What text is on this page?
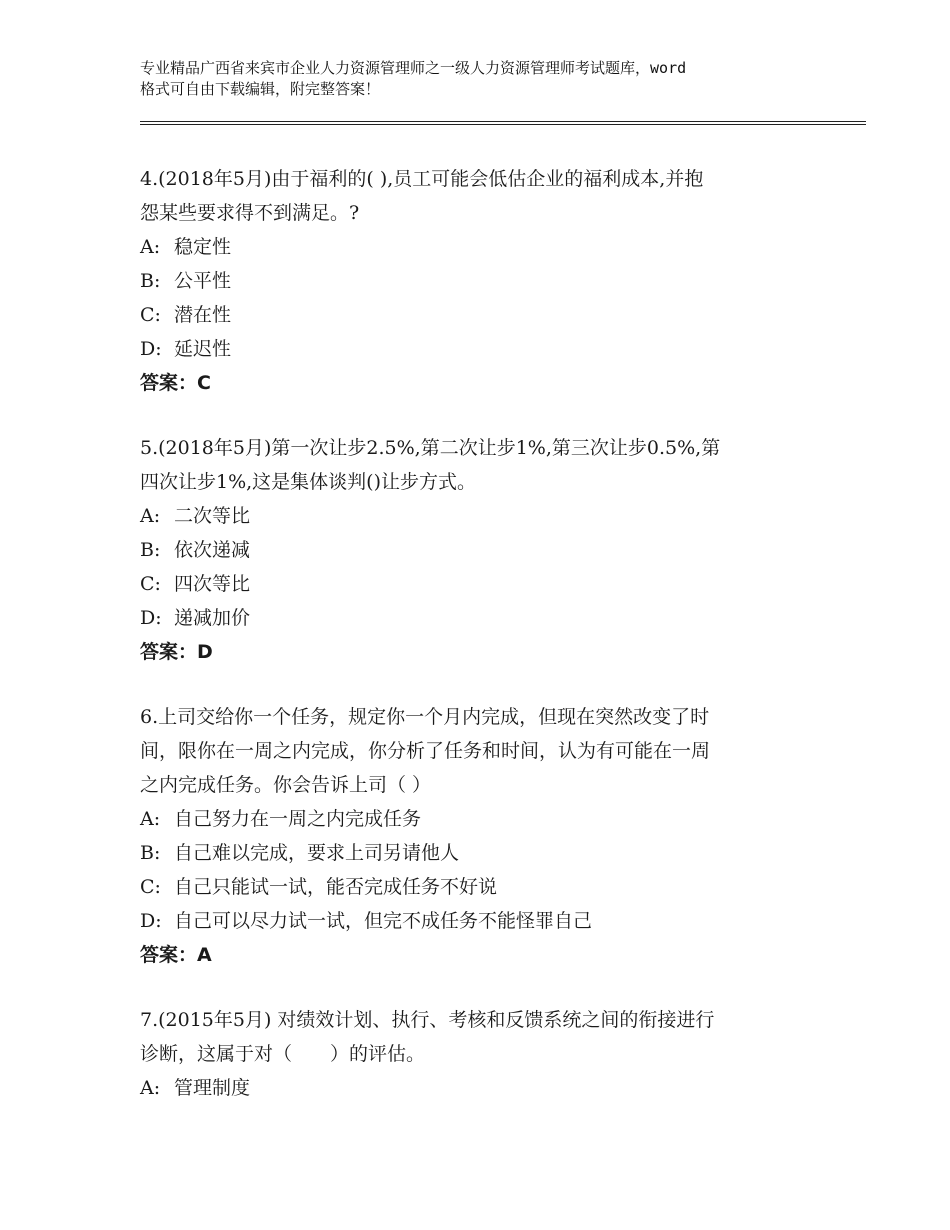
专业精品广西省来宾市企业人力资源管理师之一级人力资源管理师考试题库，word
格式可自由下载编辑，附完整答案！

4.(2018年5月)由于福利的( ),员工可能会低估企业的福利成本,并抱
怨某些要求得不到满足。?

A: 稳定性

B: 公平性

C: 潜在性

D: 延迟性

答案：C

5.(2018年5月)第一次让步2.5%,第二次让步1%,第三次让步0.5%,第
四次让步1%,这是集体谈判()让步方式。

A: 二次等比

B: 依次递减

C: 四次等比

D: 递减加价

答案：D

6.上司交给你一个任务，规定你一个月内完成，但现在突然改变了时
间，限你在一周之内完成，你分析了任务和时间，认为有可能在一周
之内完成任务。你会告诉上司（ ）

A: 自己努力在一周之内完成任务

B: 自己难以完成，要求上司另请他人

C: 自己只能试一试，能否完成任务不好说

D: 自己可以尽力试一试，但完不成任务不能怪罪自己

答案：A

7.(2015年5月) 对绩效计划、执行、考核和反馈系统之间的衔接进行
诊断，这属于对（　　）的评估。

A: 管理制度
